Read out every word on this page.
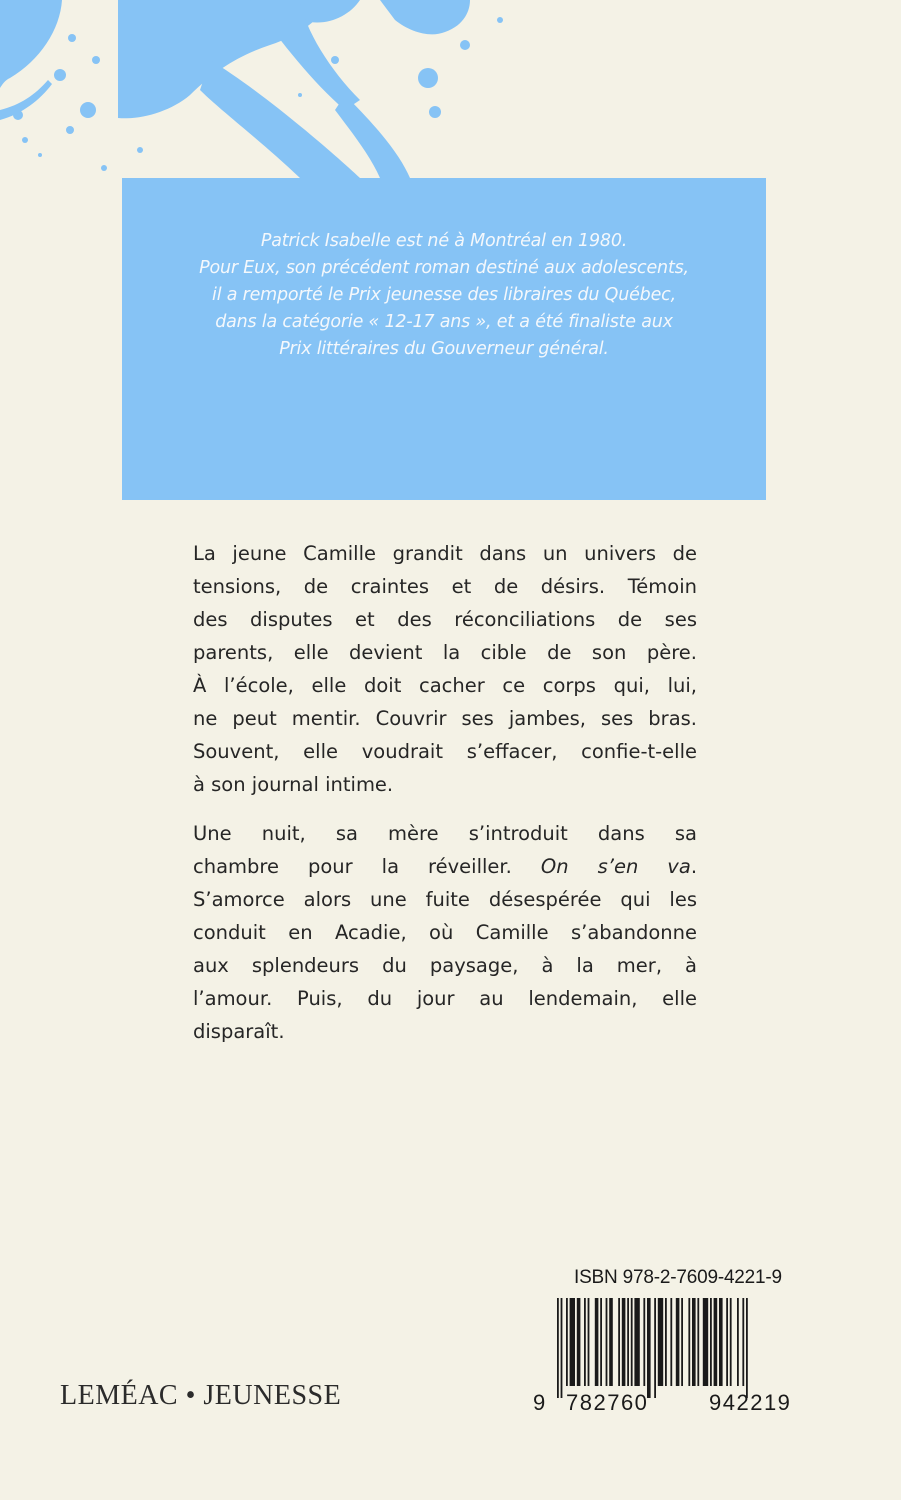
Patrick Isabelle est né à Montréal en 1980.
Pour Eux, son précédent roman destiné aux adolescents,
il a remporté le Prix jeunesse des libraires du Québec,
dans la catégorie « 12-17 ans », et a été finaliste aux
Prix littéraires du Gouverneur général.
La jeune Camille grandit dans un univers de
tensions, de craintes et de désirs. Témoin
des disputes et des réconciliations de ses
parents, elle devient la cible de son père.
À l’école, elle doit cacher ce corps qui, lui,
ne peut mentir. Couvrir ses jambes, ses bras.
Souvent, elle voudrait s’effacer, confie-t-elle
à son journal intime.
Une nuit, sa mère s’introduit dans sa
chambre pour la réveiller. On s’en va.
S’amorce alors une fuite désespérée qui les
conduit en Acadie, où Camille s’abandonne
aux splendeurs du paysage, à la mer, à
l’amour. Puis, du jour au lendemain, elle
disparaît.
ISBN 978-2-7609-4221-9
9 782760	942219
LEMÉAC • JEUNESSE
